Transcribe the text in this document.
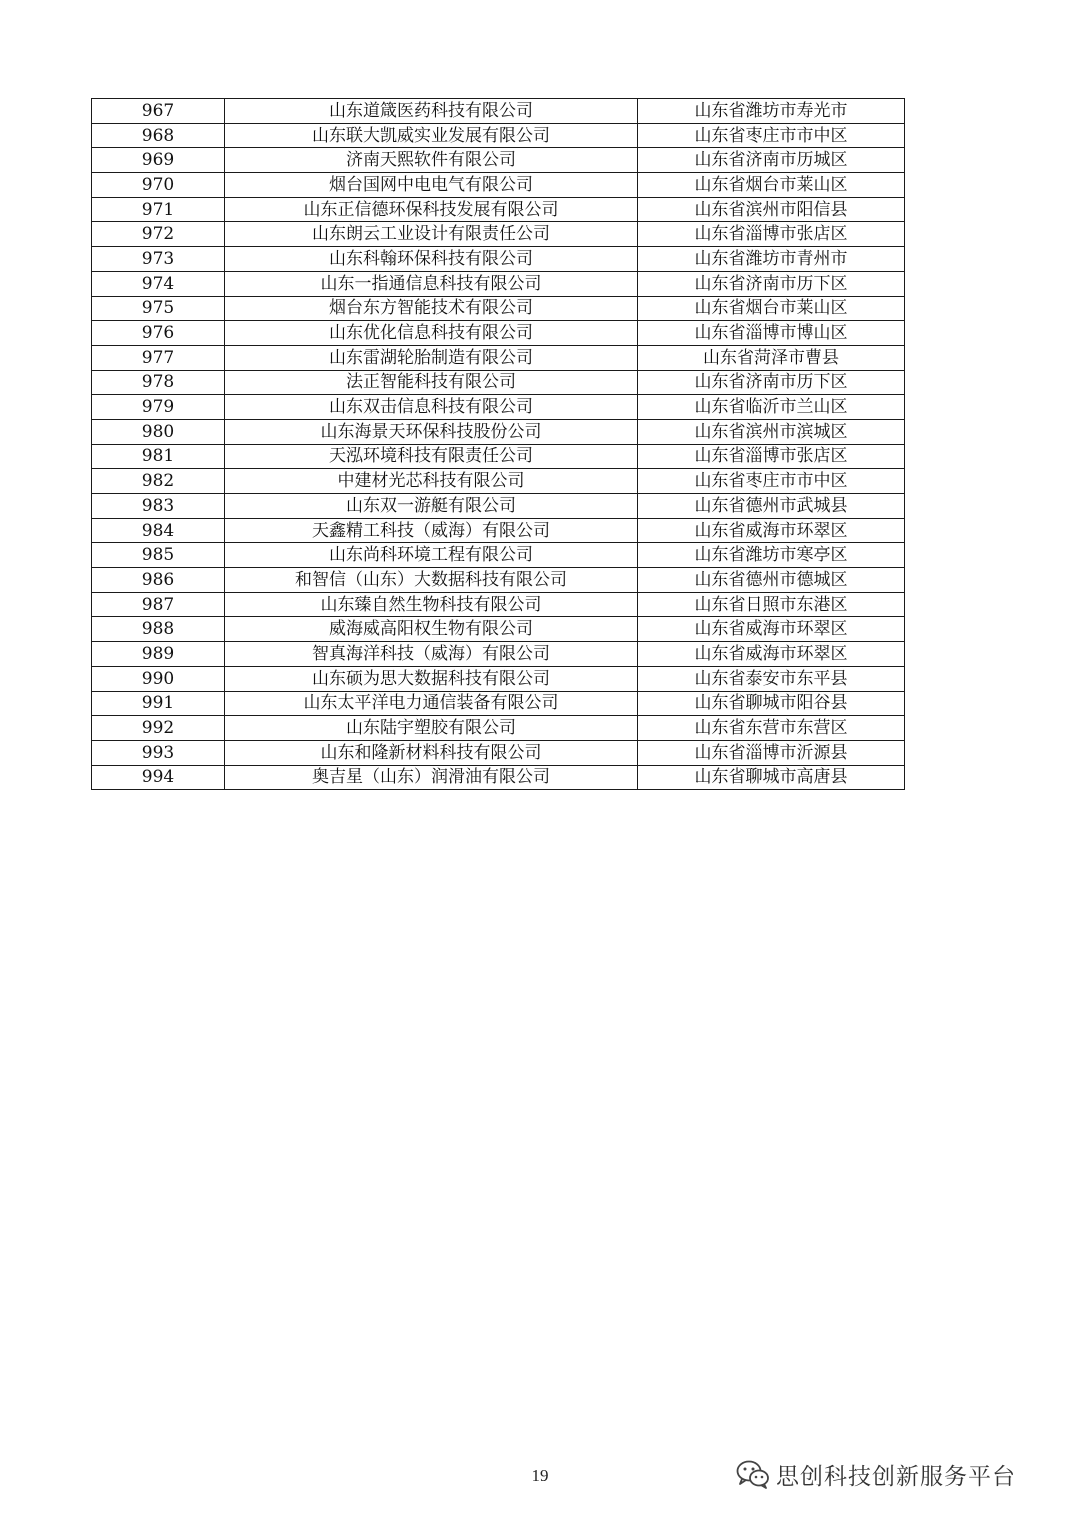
967	山东道箴医药科技有限公司	山东省潍坊市寿光市
968	山东联大凯威实业发展有限公司	山东省枣庄市市中区
969	济南天熙软件有限公司	山东省济南市历城区
970	烟台国网中电电气有限公司	山东省烟台市莱山区
971	山东正信德环保科技发展有限公司	山东省滨州市阳信县
972	山东朗云工业设计有限责任公司	山东省淄博市张店区
973	山东科翰环保科技有限公司	山东省潍坊市青州市
974	山东一指通信息科技有限公司	山东省济南市历下区
975	烟台东方智能技术有限公司	山东省烟台市莱山区
976	山东优化信息科技有限公司	山东省淄博市博山区
977	山东雷湖轮胎制造有限公司	山东省菏泽市曹县
978	法正智能科技有限公司	山东省济南市历下区
979	山东双击信息科技有限公司	山东省临沂市兰山区
980	山东海景天环保科技股份公司	山东省滨州市滨城区
981	天泓环境科技有限责任公司	山东省淄博市张店区
982	中建材光芯科技有限公司	山东省枣庄市市中区
983	山东双一游艇有限公司	山东省德州市武城县
984	天鑫精工科技（威海）有限公司	山东省威海市环翠区
985	山东尚科环境工程有限公司	山东省潍坊市寒亭区
986	和智信（山东）大数据科技有限公司	山东省德州市德城区
987	山东臻自然生物科技有限公司	山东省日照市东港区
988	威海威高阳权生物有限公司	山东省威海市环翠区
989	智真海洋科技（威海）有限公司	山东省威海市环翠区
990	山东硕为思大数据科技有限公司	山东省泰安市东平县
991	山东太平洋电力通信装备有限公司	山东省聊城市阳谷县
992	山东陆宇塑胶有限公司	山东省东营市东营区
993	山东和隆新材料科技有限公司	山东省淄博市沂源县
994	奥吉星（山东）润滑油有限公司	山东省聊城市高唐县
19	思创科技创新服务平台
